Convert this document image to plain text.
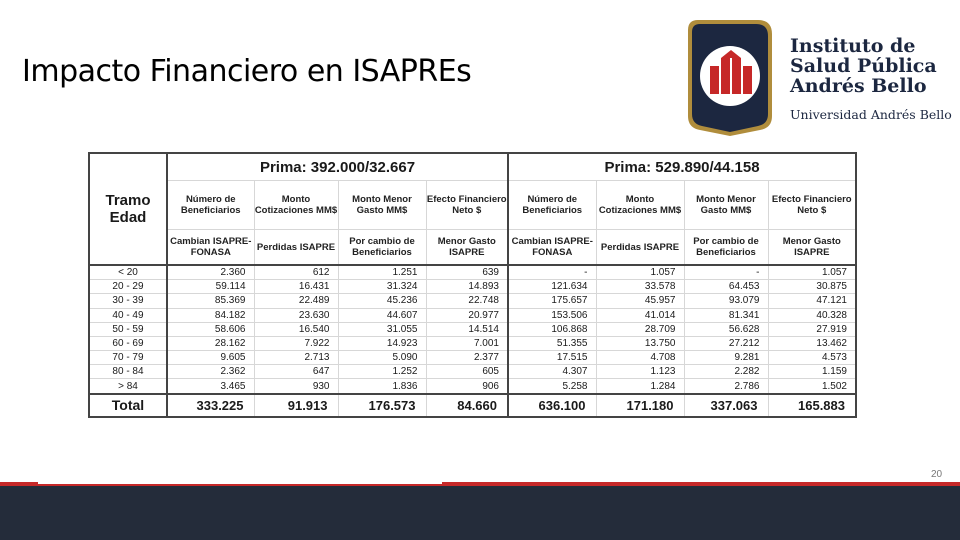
Impacto Financiero en ISAPREs
Instituto de
Salud Pública
Andrés Bello
Universidad Andrés Bello
Tramo Edad	Prima: 392.000/32.667				Prima: 529.890/44.158			
	Número de Beneficiarios	Monto Cotizaciones MM$	Monto Menor Gasto MM$	Efecto Financiero Neto $	Número de Beneficiarios	Monto Cotizaciones MM$	Monto Menor Gasto MM$	Efecto Financiero Neto $
	Cambian ISAPRE-FONASA	Perdidas ISAPRE	Por cambio de Beneficiarios	Menor Gasto ISAPRE	Cambian ISAPRE-FONASA	Perdidas ISAPRE	Por cambio de Beneficiarios	Menor Gasto ISAPRE
< 20	2.360	612	1.251	639	-	1.057	-	1.057
20 - 29	59.114	16.431	31.324	14.893	121.634	33.578	64.453	30.875
30 - 39	85.369	22.489	45.236	22.748	175.657	45.957	93.079	47.121
40 - 49	84.182	23.630	44.607	20.977	153.506	41.014	81.341	40.328
50 - 59	58.606	16.540	31.055	14.514	106.868	28.709	56.628	27.919
60 - 69	28.162	7.922	14.923	7.001	51.355	13.750	27.212	13.462
70 - 79	9.605	2.713	5.090	2.377	17.515	4.708	9.281	4.573
80 - 84	2.362	647	1.252	605	4.307	1.123	2.282	1.159
> 84	3.465	930	1.836	906	5.258	1.284	2.786	1.502
Total	333.225	91.913	176.573	84.660	636.100	171.180	337.063	165.883
20
